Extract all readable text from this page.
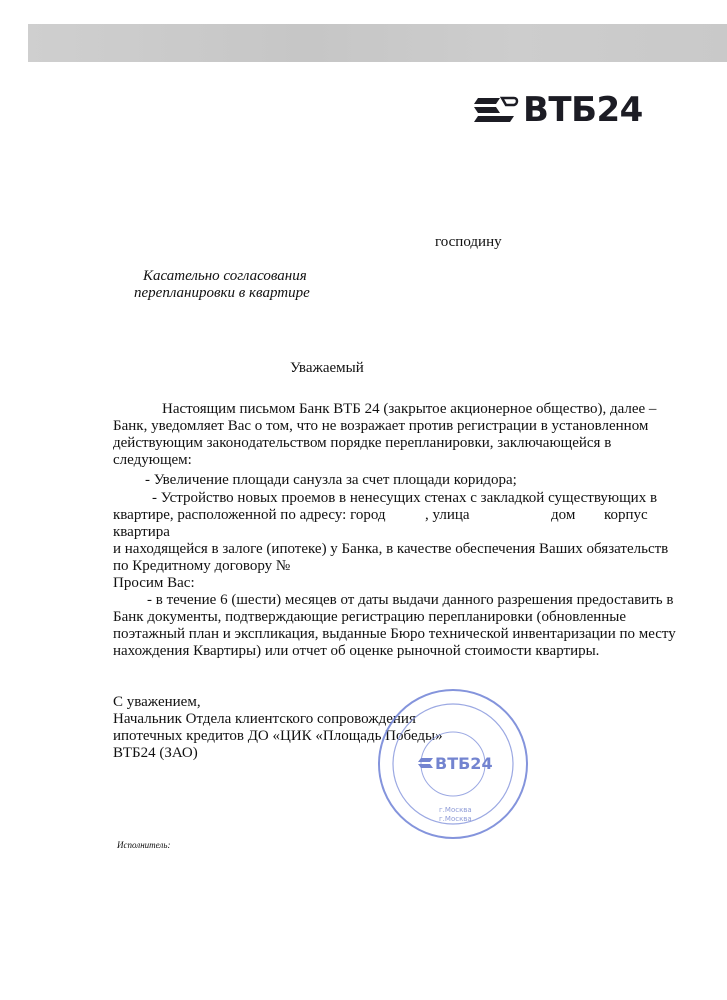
ВТБ24
господину
Касательно согласования
перепланировки в квартире
Уважаемый
Настоящим письмом Банк ВТБ 24 (закрытое акционерное общество), далее –
Банк, уведомляет Вас о том, что не возражает против регистрации в установленном
действующим законодательством порядке перепланировки, заключающейся в
следующем:
- Увеличение площади санузла за счет площади коридора;
- Устройство новых проемов в ненесущих стенах с закладкой существующих в
квартире, расположенной по адресу: город	, улица	дом корпус
квартира
и находящейся в залоге (ипотеке) у Банка, в качестве обеспечения Ваших обязательств
по Кредитному договору №
Просим Вас:
- в течение 6 (шести) месяцев от даты выдачи данного разрешения предоставить в
Банк документы, подтверждающие регистрацию перепланировки (обновленные
поэтажный план и экспликация, выданные Бюро технической инвентаризации по месту
нахождения Квартиры) или отчет об оценке рыночной стоимости квартиры.
С уважением,
Начальник Отдела клиентского сопровождения
ипотечных кредитов ДО «ЦИК «Площадь Победы»
ВТБ24 (ЗАО)
ВТБ24
г.Москва
г.Москва
Исполнитель:
